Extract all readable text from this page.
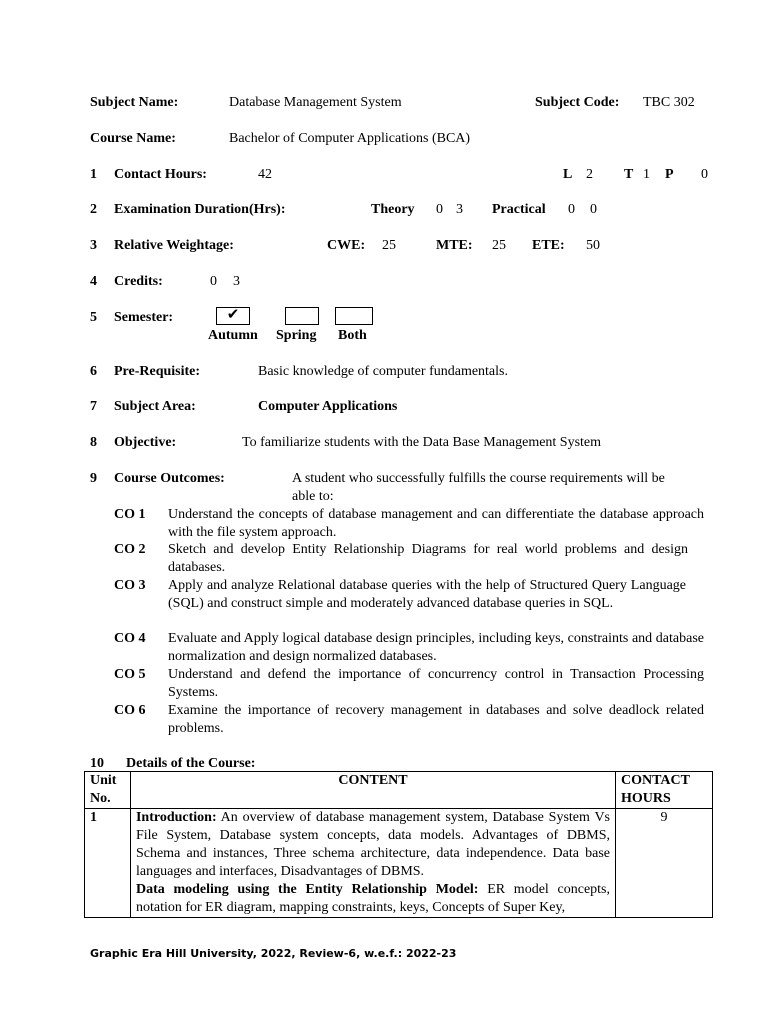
Subject Name:	Database Management System	Subject Code: TBC 302
Course Name:	Bachelor of Computer Applications (BCA)
1 Contact Hours:	42	L 2 T 1 P 0
2 Examination Duration(Hrs):	Theory 0 3 Practical 0 0
3 Relative Weightage:	CWE: 25	MTE: 25 ETE: 50
4 Credits:	0 3
5 Semester:	✔
Autumn Spring Both
6 Pre-Requisite:	Basic knowledge of computer fundamentals.
7 Subject Area:	Computer Applications
8 Objective:	To familiarize students with the Data Base Management System
9 Course Outcomes:	A student who successfully fulfills the course requirements will be
able to:
CO 1 Understand the concepts of database management and can differentiate the database approach with the file system approach.
CO 2 Sketch and develop Entity Relationship Diagrams for real world problems and design databases.
CO 3 Apply and analyze Relational database queries with the help of Structured Query Language (SQL) and construct simple and moderately advanced database queries in SQL.
CO 4 Evaluate and Apply logical database design principles, including keys, constraints and database normalization and design normalized databases.
CO 5 Understand and defend the importance of concurrency control in Transaction Processing Systems.
CO 6 Examine the importance of recovery management in databases and solve deadlock related problems.
10 Details of the Course:
Unit
No.	CONTENT	CONTACT
HOURS
1	Introduction: An overview of database management system, Database System Vs File System, Database system concepts, data models. Advantages of DBMS, Schema and instances, Three schema architecture, data independence. Data base languages and interfaces, Disadvantages of DBMS.
Data modeling using the Entity Relationship Model: ER model concepts, notation for ER diagram, mapping constraints, keys, Concepts of Super Key,	9
Graphic Era Hill University, 2022, Review-6, w.e.f.: 2022-23
